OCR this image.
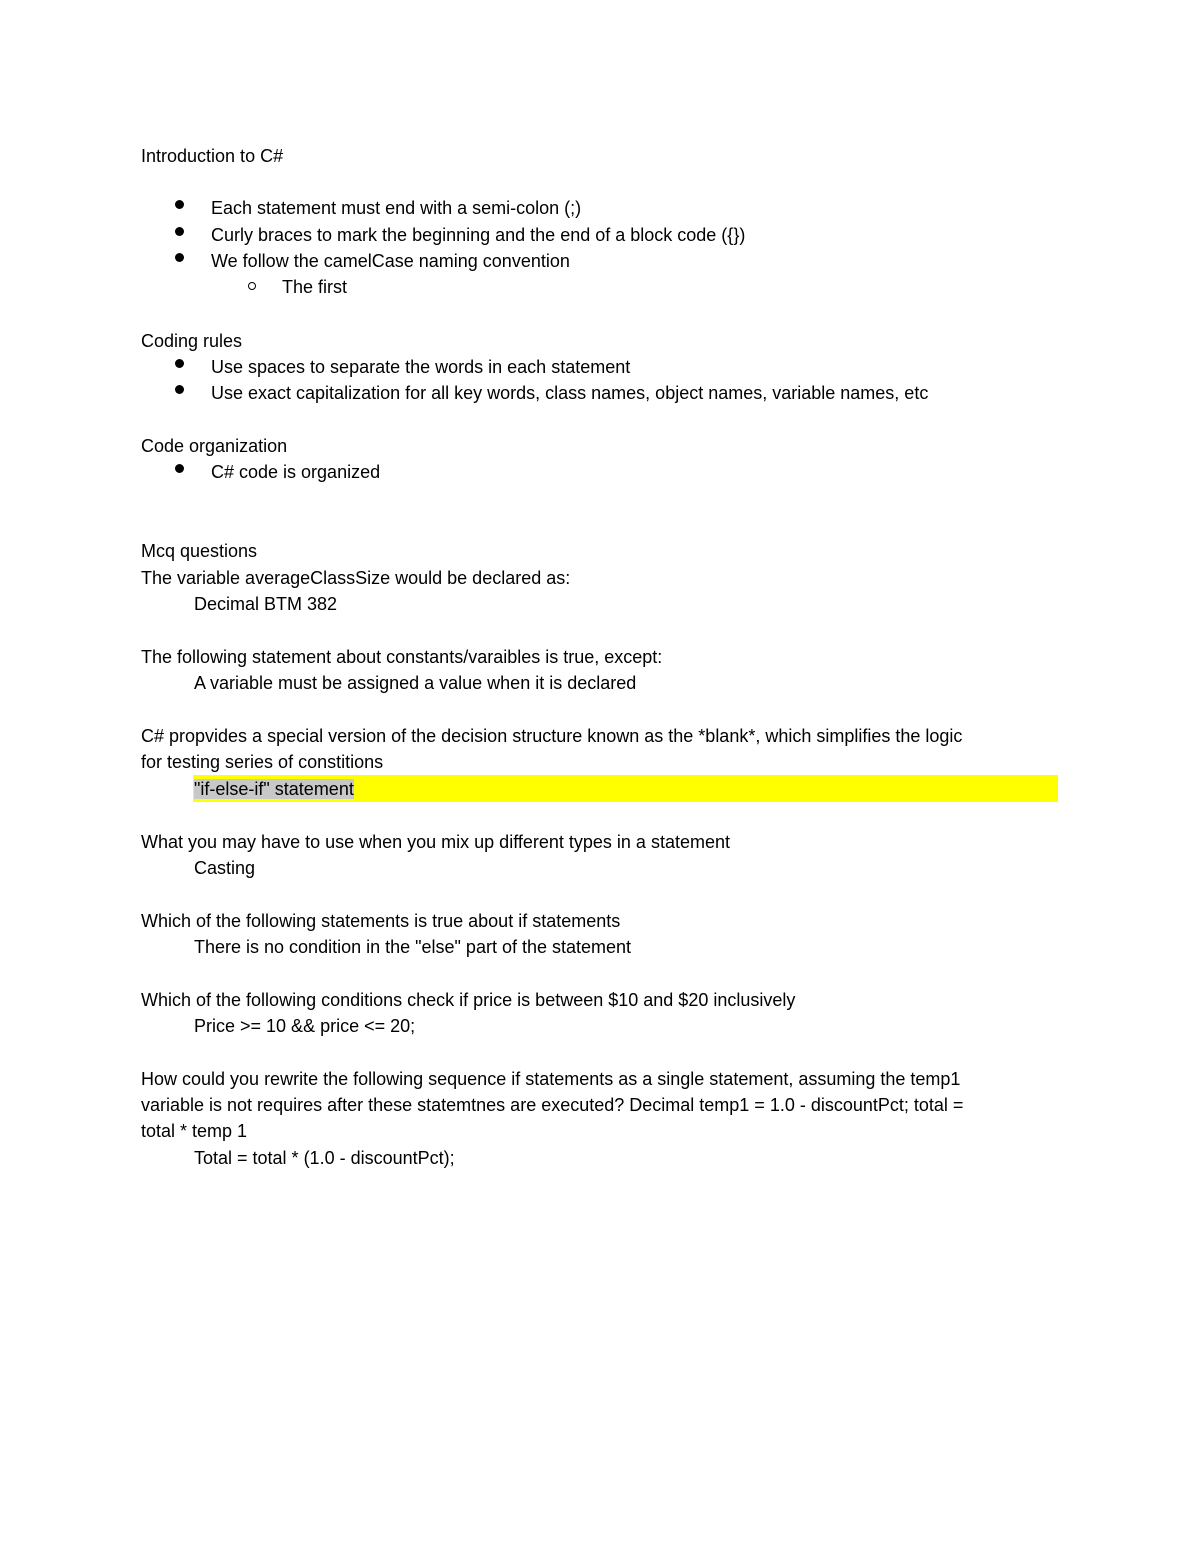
Introduction to C#
Each statement must end with a semi-colon (;)
Curly braces to mark the beginning and the end of a block code ({})
We follow the camelCase naming convention
The first
Coding rules
Use spaces to separate the words in each statement
Use exact capitalization for all key words, class names, object names, variable names, etc
Code organization
C# code is organized
Mcq questions
The variable averageClassSize would be declared as:
Decimal BTM 382
The following statement about constants/varaibles is true, except:
A variable must be assigned a value when it is declared
C# propvides a special version of the decision structure known as the *blank*, which simplifies the logic
for testing series of constitions
"if-else-if" statement
What you may have to use when you mix up different types in a statement
Casting
Which of the following statements is true about if statements
There is no condition in the "else" part of the statement
Which of the following conditions check if price is between $10 and $20 inclusively
Price >= 10 && price <= 20;
How could you rewrite the following sequence if statements as a single statement, assuming the temp1
variable is not requires after these statemtnes are executed? Decimal temp1 = 1.0 - discountPct; total =
total * temp 1
Total = total * (1.0 - discountPct);
